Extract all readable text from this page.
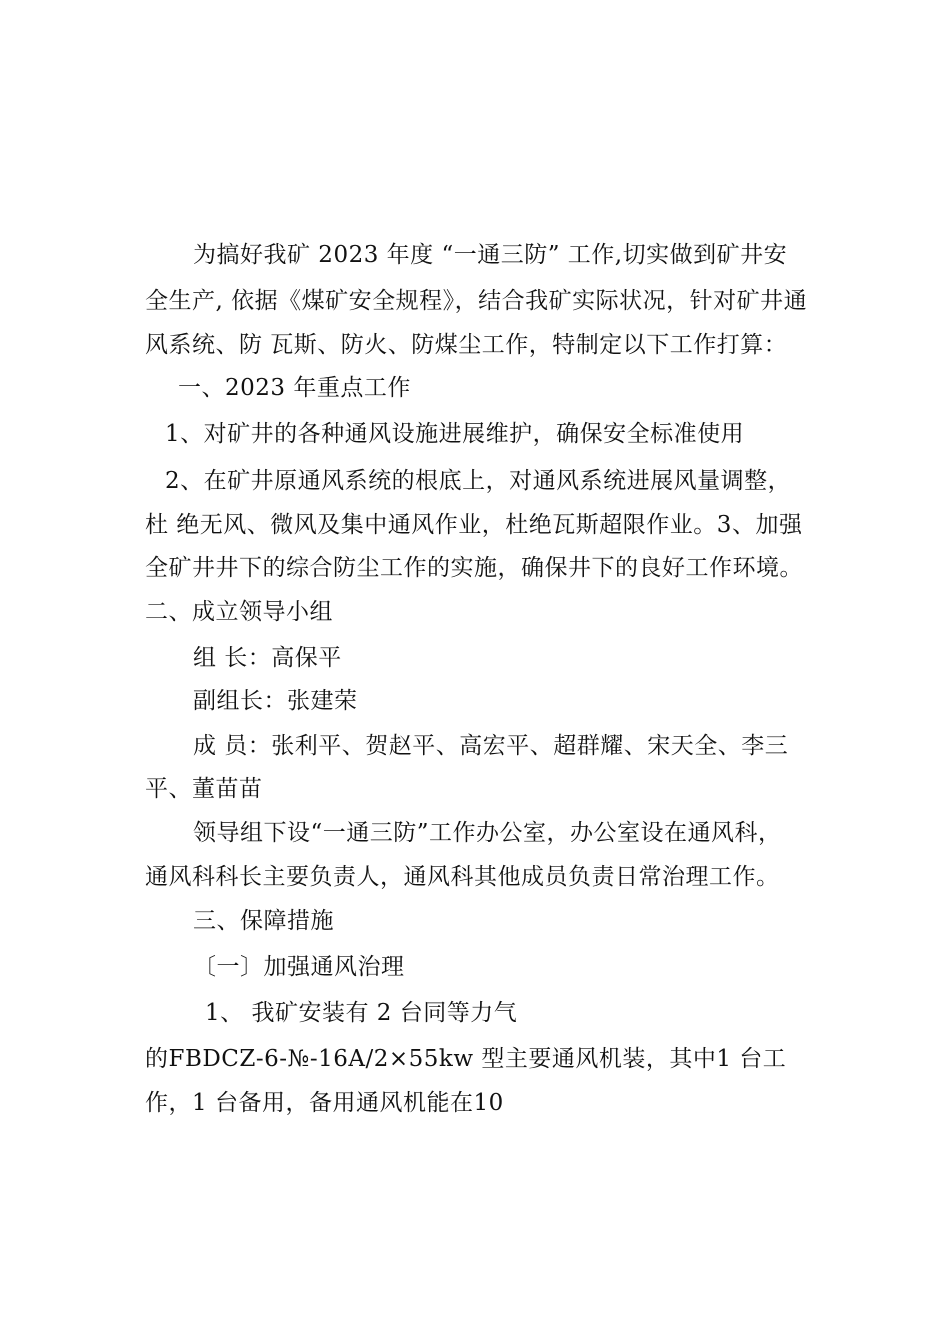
为搞好我矿 2023 年度 “一通三防” 工作,切实做到矿井安
全生产, 依据《煤矿安全规程》，结合我矿实际状况，针对矿井通
风系统、防 瓦斯、防火、防煤尘工作，特制定以下工作打算：
一、2023 年重点工作
1、对矿井的各种通风设施进展维护，确保安全标准使用
2、在矿井原通风系统的根底上，对通风系统进展风量调整，
杜 绝无风、微风及集中通风作业，杜绝瓦斯超限作业。3、加强
全矿井井下的综合防尘工作的实施，确保井下的良好工作环境。
二、成立领导小组
组 长：高保平
副组长：张建荣
成 员：张利平、贺赵平、高宏平、超群耀、宋天全、李三
平、董苗苗
领导组下设“一通三防”工作办公室，办公室设在通风科，
通风科科长主要负责人，通风科其他成员负责日常治理工作。
三、保障措施
〔一〕加强通风治理
1、 我矿安装有 2 台同等力气
的FBDCZ-6-№-16A/2×55kw 型主要通风机装，其中1 台工
作，1 台备用，备用通风机能在10
